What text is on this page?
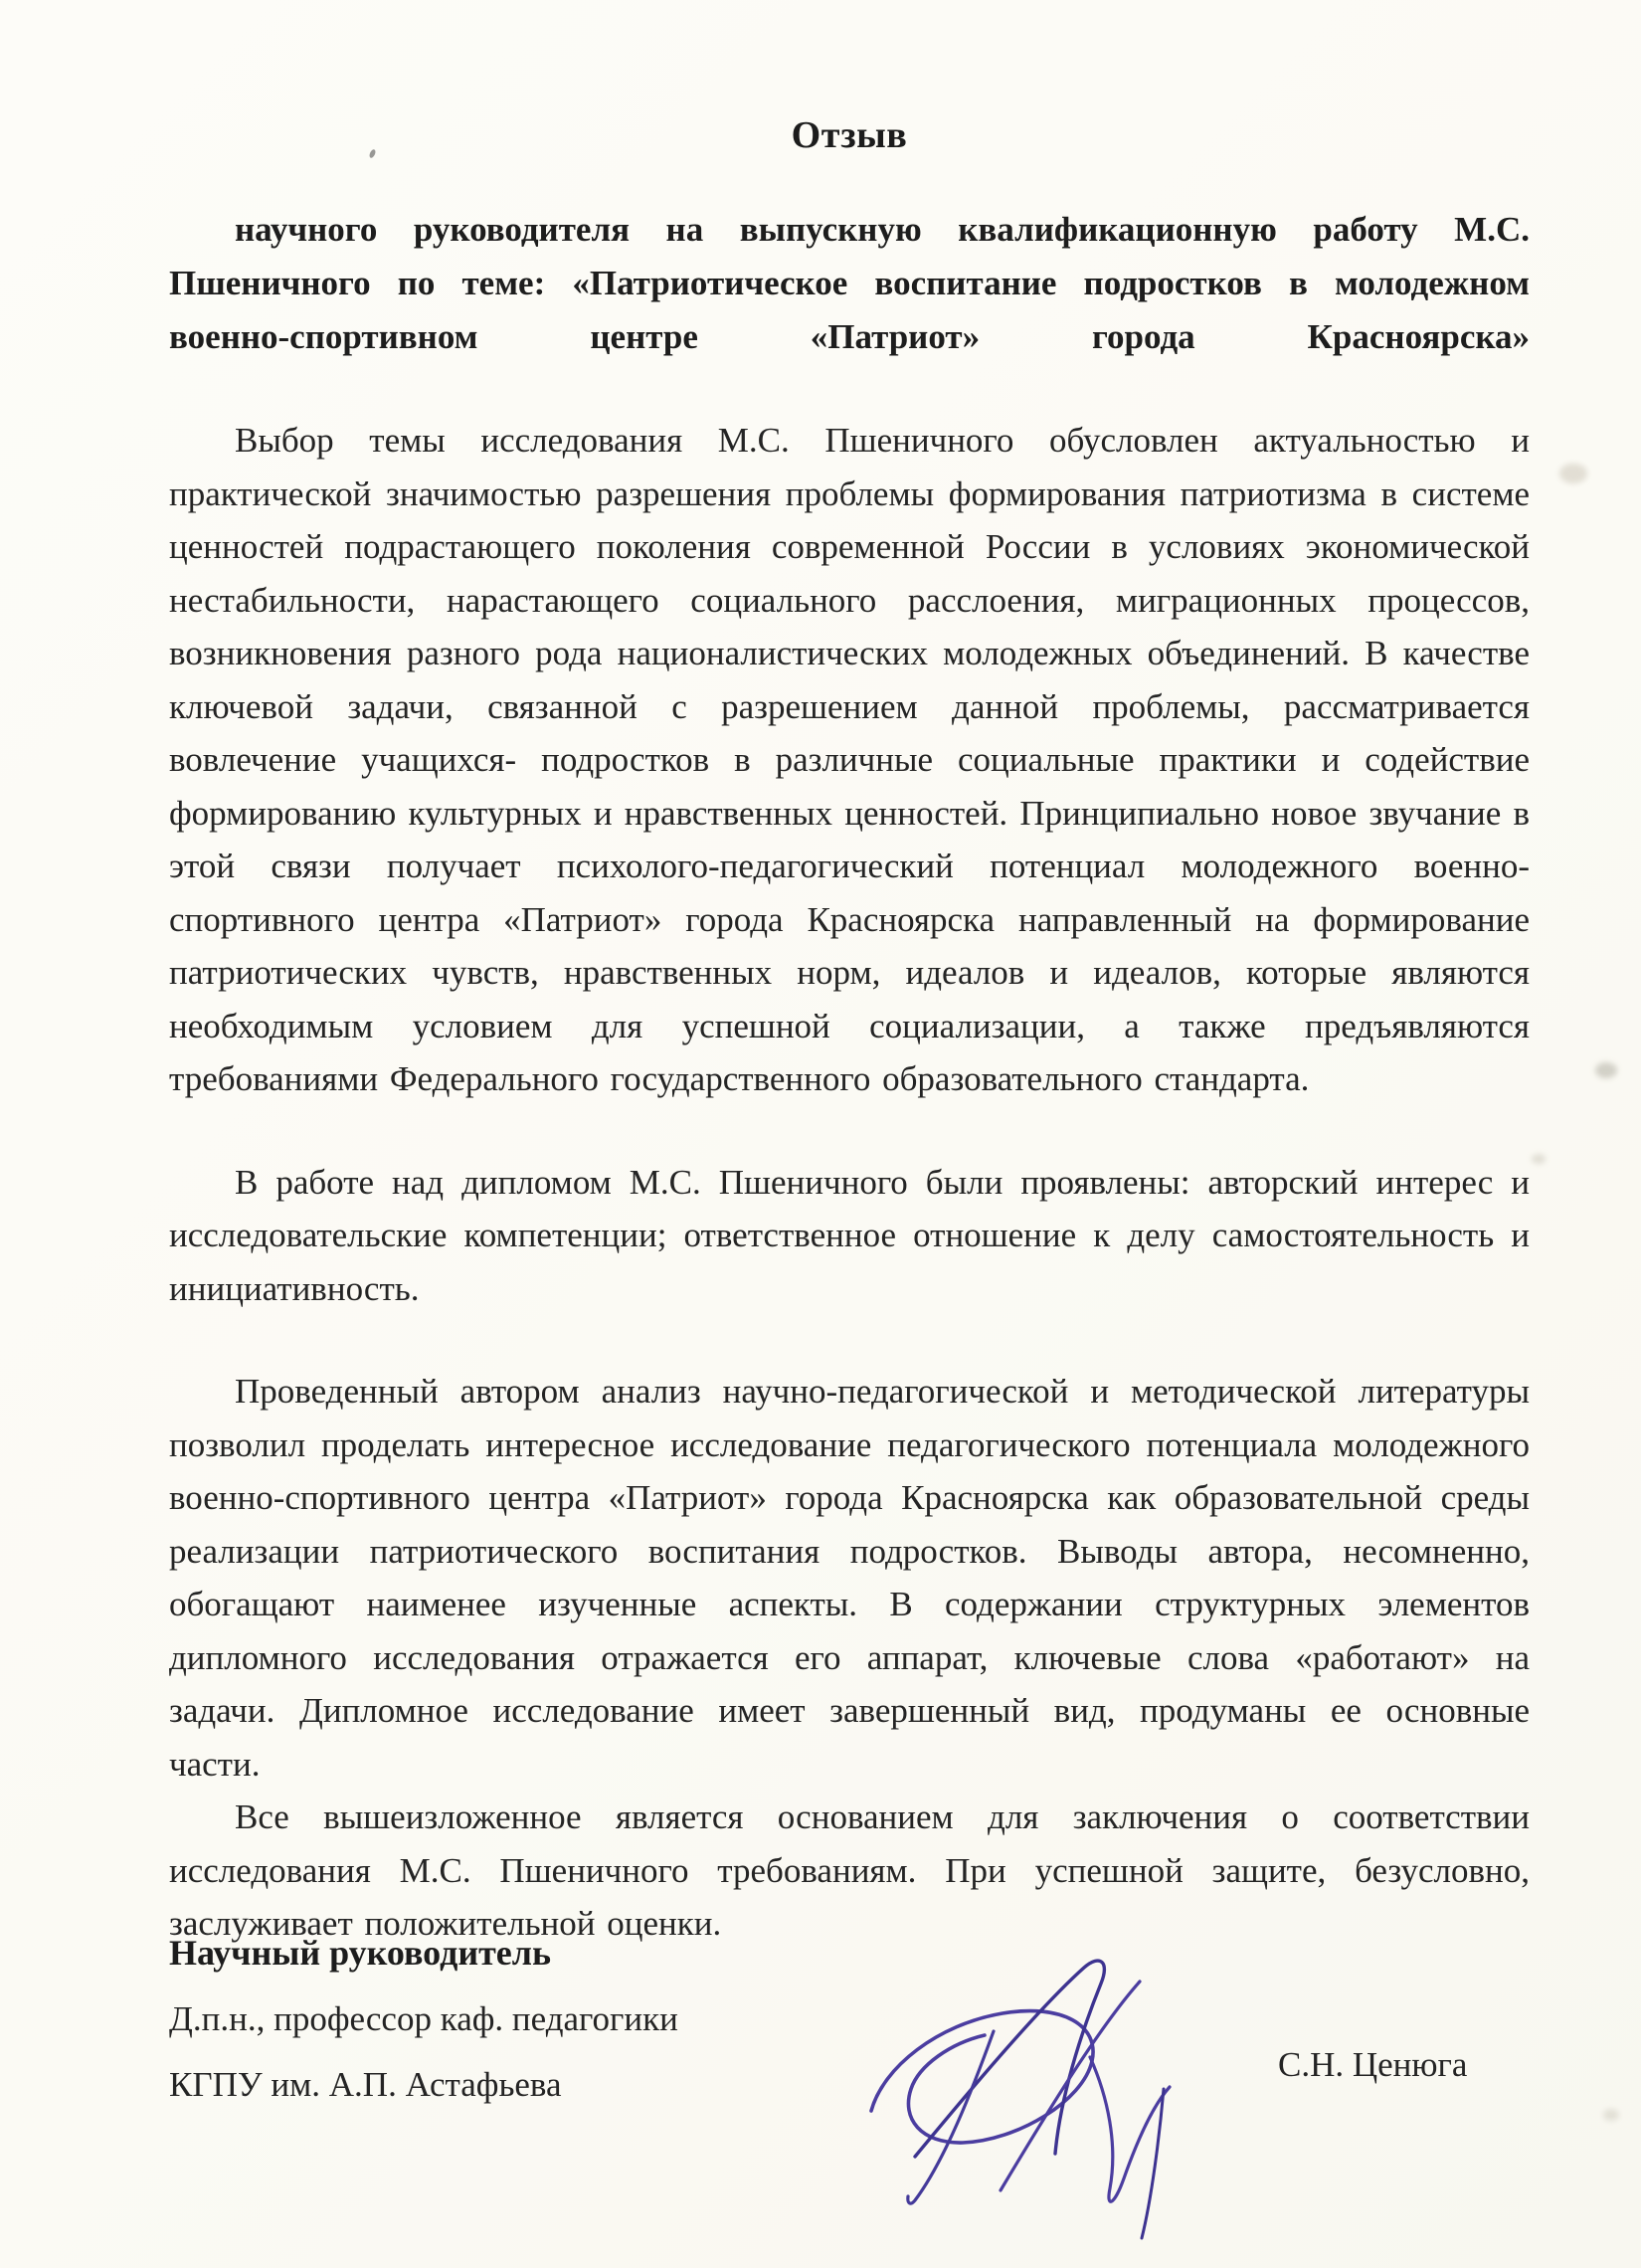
Отзыв
научного руководителя на выпускную квалификационную работу М.С. Пшеничного по теме: «Патриотическое воспитание подростков в молодежном военно-спортивном центре «Патриот» города Красноярска»

Выбор темы исследования М.С. Пшеничного обусловлен актуальностью и практической значимостью разрешения проблемы формирования патриотизма в системе ценностей подрастающего поколения современной России в условиях экономической нестабильности, нарастающего социального расслоения, миграционных процессов, возникновения разного рода националистических молодежных объединений. В качестве ключевой задачи, связанной с разрешением данной проблемы, рассматривается вовлечение учащихся- подростков в различные социальные практики и содействие формированию культурных и нравственных ценностей. Принципиально новое звучание в этой связи получает психолого-педагогический потенциал молодежного военно-спортивного центра «Патриот» города Красноярска направленный на формирование патриотических чувств, нравственных норм, идеалов и идеалов, которые являются необходимым условием для успешной социализации, а также предъявляются требованиями Федерального государственного образовательного стандарта.

В работе над дипломом М.С. Пшеничного были проявлены: авторский интерес и исследовательские компетенции; ответственное отношение к делу самостоятельность и инициативность.

Проведенный автором анализ научно-педагогической и методической литературы позволил проделать интересное исследование педагогического потенциала молодежного военно-спортивного центра «Патриот» города Красноярска как образовательной среды реализации патриотического воспитания подростков. Выводы автора, несомненно, обогащают наименее изученные аспекты. В содержании структурных элементов дипломного исследования отражается его аппарат, ключевые слова «работают» на задачи. Дипломное исследование имеет завершенный вид, продуманы ее основные части.

Все вышеизложенное является основанием для заключения о соответствии исследования М.С. Пшеничного требованиям. При успешной защите, безусловно, заслуживает положительной оценки.

Научный руководитель
Д.п.н., профессор каф. педагогики
КГПУ им. А.П. Астафьева
С.Н. Ценюга
